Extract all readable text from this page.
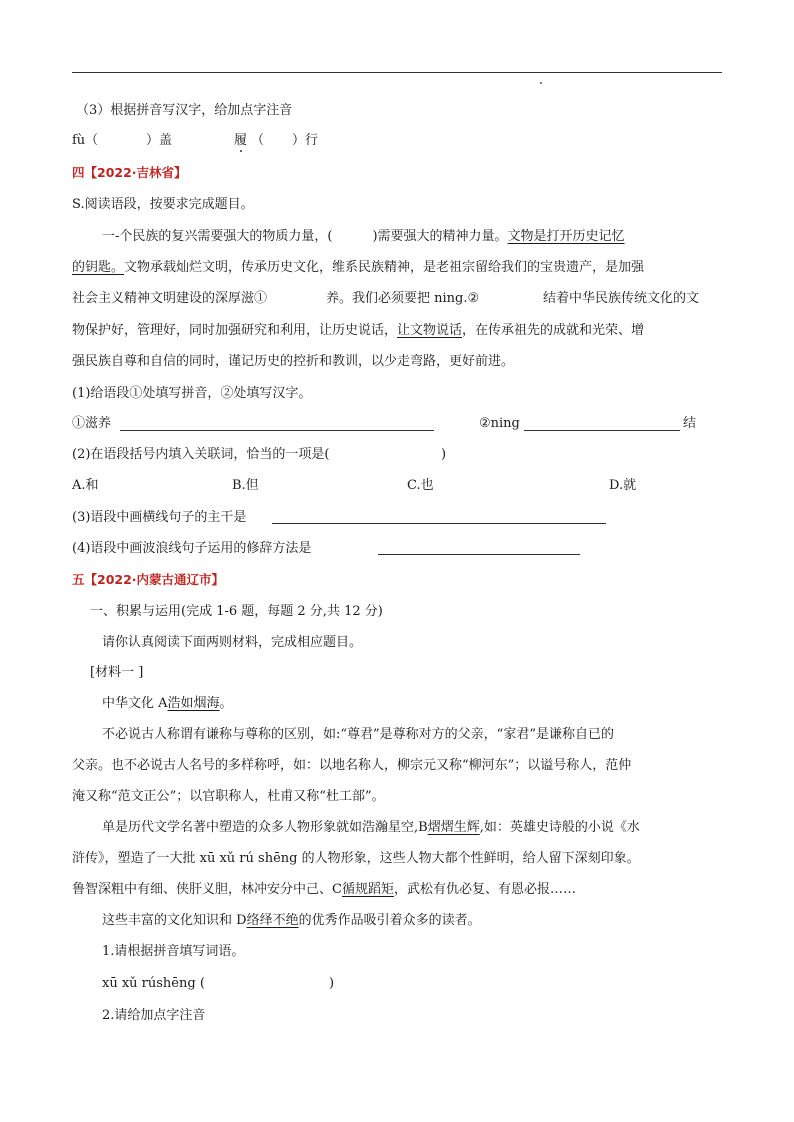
（3）根据拼音写汉字，给加点字注音
fù（	）盖	履 （ ）行
四【2022·吉林省】
S.阅读语段，按要求完成题目。
一-个民族的复兴需要强大的物质力量，(	)需要强大的精神力量。文物是打开历史记忆
的钥匙。文物承载灿烂文明，传承历史文化，维系民族精神，是老祖宗留给我们的宝贵遗产，是加强
社会主义精神文明建设的深厚滋①	养。我们必须要把 ning.②	结着中华民族传统文化的文
物保护好，管理好，同时加强研究和利用，让历史说话，让文物说话，在传承祖先的成就和光荣、增
强民族自尊和自信的同时，谨记历史的控折和教训，以少走弯路，更好前进。
(1)给语段①处填写拼音，②处填写汉字。
①滋养	②ning	结
(2)在语段括号内填入关联词，恰当的一项是(	)
A.和	B.但	C.也	D.就
(3)语段中画横线句子的主干是
(4)语段中画波浪线句子运用的修辞方法是
五【2022·内蒙古通辽市】
一、积累与运用(完成 1-6 题，每题 2 分,共 12 分)
请你认真阅读下面两则材料，完成相应题目。
[材料一 ]
中华文化 A浩如烟海。
不必说古人称谓有谦称与尊称的区别，如:“尊君”是尊称对方的父亲，“家君”是谦称自已的
父亲。也不必说古人名号的多样称呼，如：以地名称人，柳宗元又称“柳河东”；以谥号称人，范仲
淹又称“范文正公”；以官职称人，杜甫又称“杜工部”。
单是历代文学名著中塑造的众多人物形象就如浩瀚星空,B熠熠生辉,如：英雄史诗般的小说《水
浒传》，塑造了一大批 xū xǔ rú shēng 的人物形象，这些人物大都个性鲜明，给人留下深刻印象。
鲁智深粗中有细、侠肝义胆，林冲安分中己、C循规蹈矩，武松有仇必复、有恩必报……
这些丰富的文化知识和 D络绎不绝的优秀作品吸引着众多的读者。
1.请根据拼音填写词语。
xū xǔ rúshēng (	)
2.请给加点字注音
